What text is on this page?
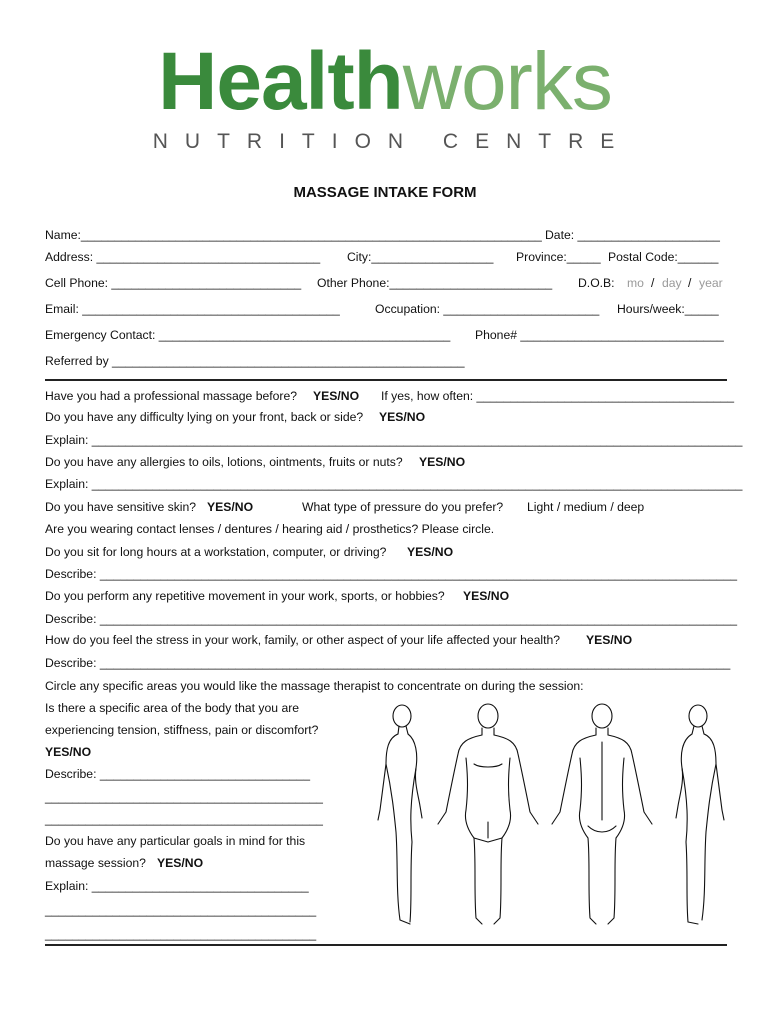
Healthworks
NUTRITION CENTRE
MASSAGE INTAKE FORM
Name:____________________________________________________________________ Date: _____________________
Address: _________________________________ City:__________________ Province:_____ Postal Code:______
Cell Phone: ____________________________ Other Phone:________________________ D.O.B: mo / day / year
Email: ______________________________________	Occupation: _______________________ Hours/week:_____
Emergency Contact: ___________________________________________ Phone# ______________________________
Referred by ____________________________________________________
Have you had a professional massage before? YES/NO If yes, how often: ______________________________________
Do you have any difficulty lying on your front, back or side? YES/NO
Explain: ________________________________________________________________________________________________
Do you have any allergies to oils, lotions, ointments, fruits or nuts? YES/NO
Explain: ________________________________________________________________________________________________
Do you have sensitive skin? YES/NO	What type of pressure do you prefer? Light / medium / deep
Are you wearing contact lenses / dentures / hearing aid / prosthetics? Please circle.
Do you sit for long hours at a workstation, computer, or driving? YES/NO
Describe: ______________________________________________________________________________________________
Do you perform any repetitive movement in your work, sports, or hobbies? YES/NO
Describe: ______________________________________________________________________________________________
How do you feel the stress in your work, family, or other aspect of your life affected your health? YES/NO
Describe: _____________________________________________________________________________________________
Circle any specific areas you would like the massage therapist to concentrate on during the session:
Is there a specific area of the body that you are
experiencing tension, stiffness, pain or discomfort?
YES/NO
Describe: _______________________________
_________________________________________
_________________________________________
Do you have any particular goals in mind for this
massage session? YES/NO
Explain: ________________________________
________________________________________
________________________________________
